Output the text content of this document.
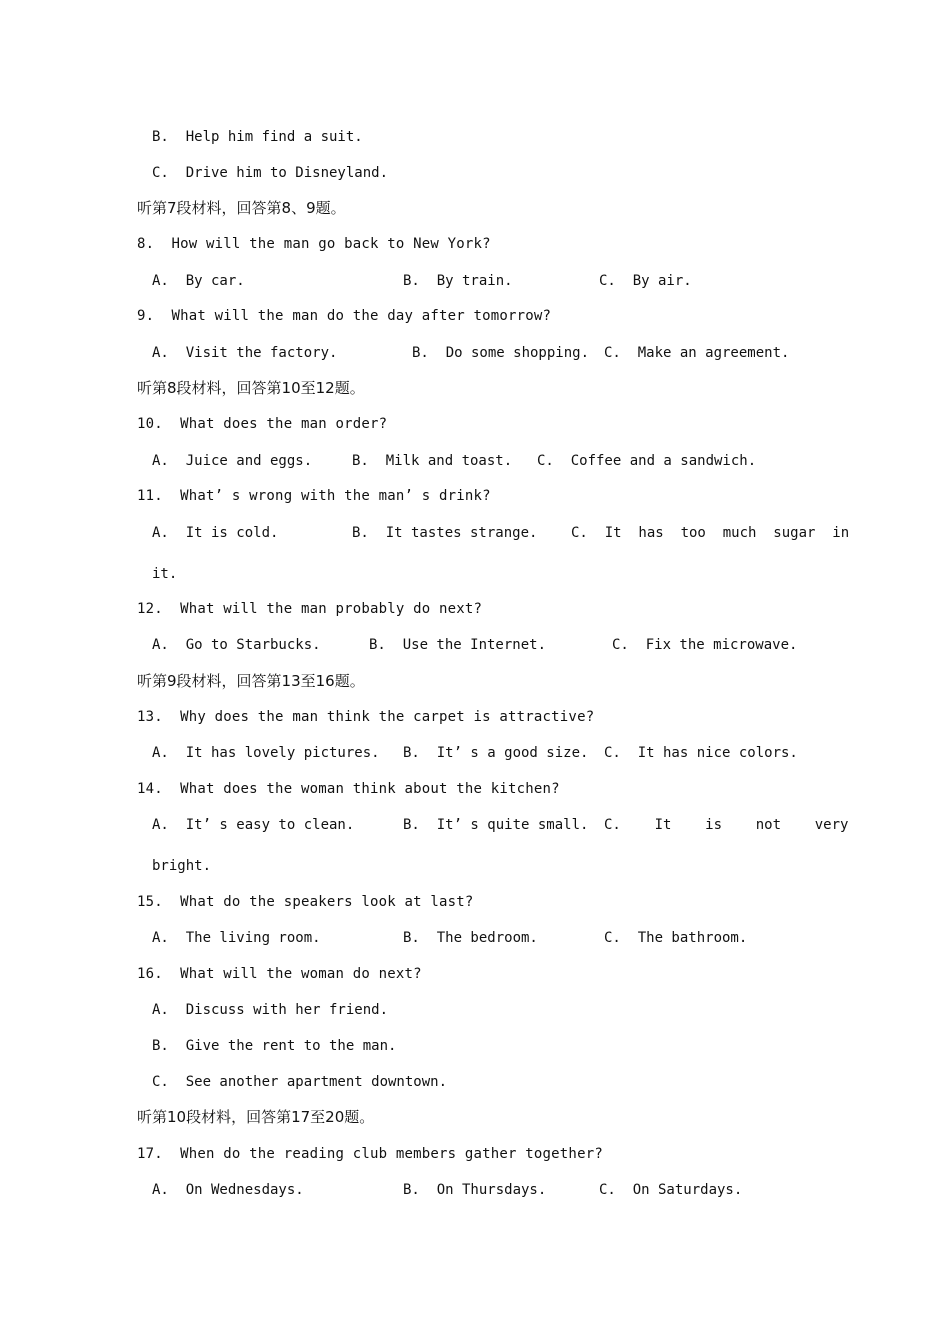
B.  Help him find a suit.
C.  Drive him to Disneyland.
听第7段材料，回答第8、9题。
8.  How will the man go back to New York?
A.  By car.	B.  By train.	C.  By air.
9.  What will the man do the day after tomorrow?
A.  Visit the factory.	B.  Do some shopping. C.  Make an agreement.
听第8段材料，回答第10至12题。
10.  What does the man order?
A.  Juice and eggs.	B.  Milk and toast. C.  Coffee and a sandwich.
11.  What’ s wrong with the man’ s drink?
A.  It is cold.	B.  It tastes strange. C.  It  has  too  much  sugar  in
it.
12.  What will the man probably do next?
A.  Go to Starbucks.	B.  Use the Internet.	C.  Fix the microwave.
听第9段材料，回答第13至16题。
13.  Why does the man think the carpet is attractive?
A.  It has lovely pictures. B.  It’ s a good size. C.  It has nice colors.
14.  What does the woman think about the kitchen?
A.  It’ s easy to clean.	B.  It’ s quite small. C.    It    is    not    very
bright.
15.  What do the speakers look at last?
A.  The living room.	B.  The bedroom.	C.  The bathroom.
16.  What will the woman do next?
A.  Discuss with her friend.
B.  Give the rent to the man.
C.  See another apartment downtown.
听第10段材料，回答第17至20题。
17.  When do the reading club members gather together?
A.  On Wednesdays.	B.  On Thursdays.	C.  On Saturdays.
